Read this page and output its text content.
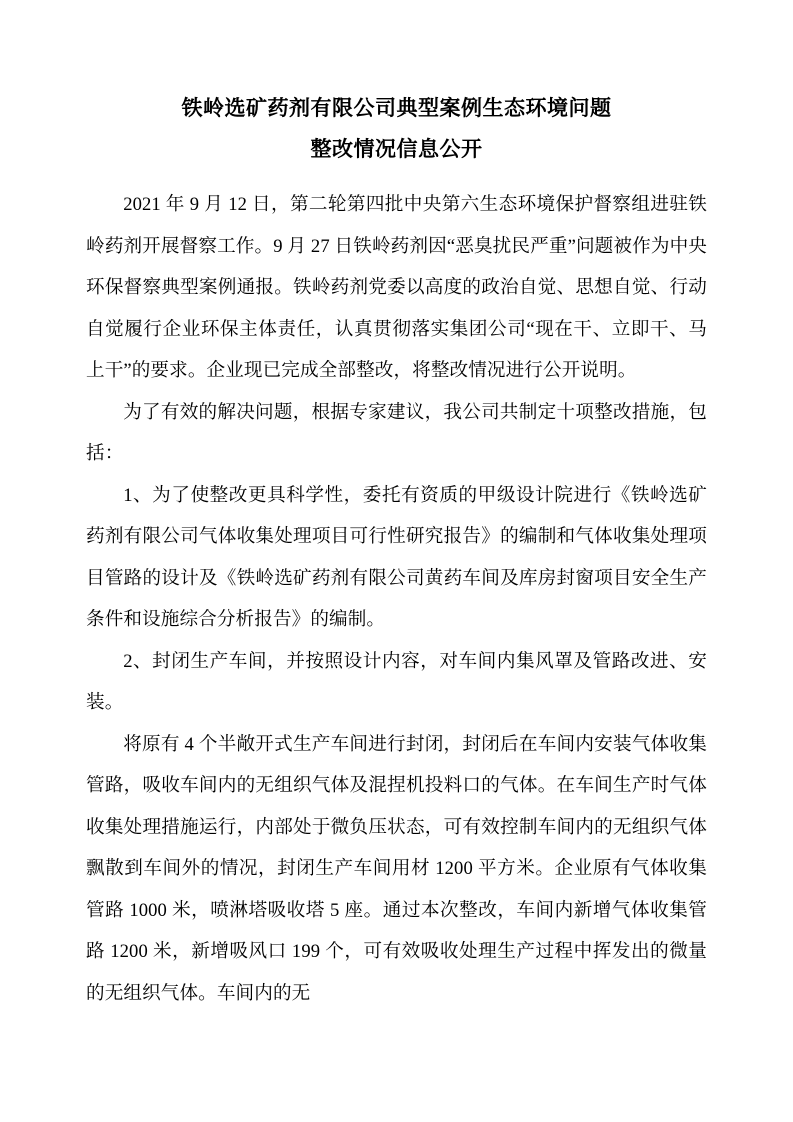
铁岭选矿药剂有限公司典型案例生态环境问题
整改情况信息公开

2021 年 9 月 12 日，第二轮第四批中央第六生态环境保护督察组进驻铁岭药剂开展督察工作。9 月 27 日铁岭药剂因“恶臭扰民严重”问题被作为中央环保督察典型案例通报。铁岭药剂党委以高度的政治自觉、思想自觉、行动自觉履行企业环保主体责任，认真贯彻落实集团公司“现在干、立即干、马上干”的要求。企业现已完成全部整改，将整改情况进行公开说明。

为了有效的解决问题，根据专家建议，我公司共制定十项整改措施，包括：

1、为了使整改更具科学性，委托有资质的甲级设计院进行《铁岭选矿药剂有限公司气体收集处理项目可行性研究报告》的编制和气体收集处理项目管路的设计及《铁岭选矿药剂有限公司黄药车间及库房封窗项目安全生产条件和设施综合分析报告》的编制。

2、封闭生产车间，并按照设计内容，对车间内集风罩及管路改进、安装。

将原有 4 个半敞开式生产车间进行封闭，封闭后在车间内安装气体收集管路，吸收车间内的无组织气体及混捏机投料口的气体。在车间生产时气体收集处理措施运行，内部处于微负压状态，可有效控制车间内的无组织气体飘散到车间外的情况，封闭生产车间用材 1200 平方米。企业原有气体收集管路 1000 米，喷淋塔吸收塔 5 座。通过本次整改，车间内新增气体收集管路 1200 米，新增吸风口 199 个，可有效吸收处理生产过程中挥发出的微量的无组织气体。车间内的无
